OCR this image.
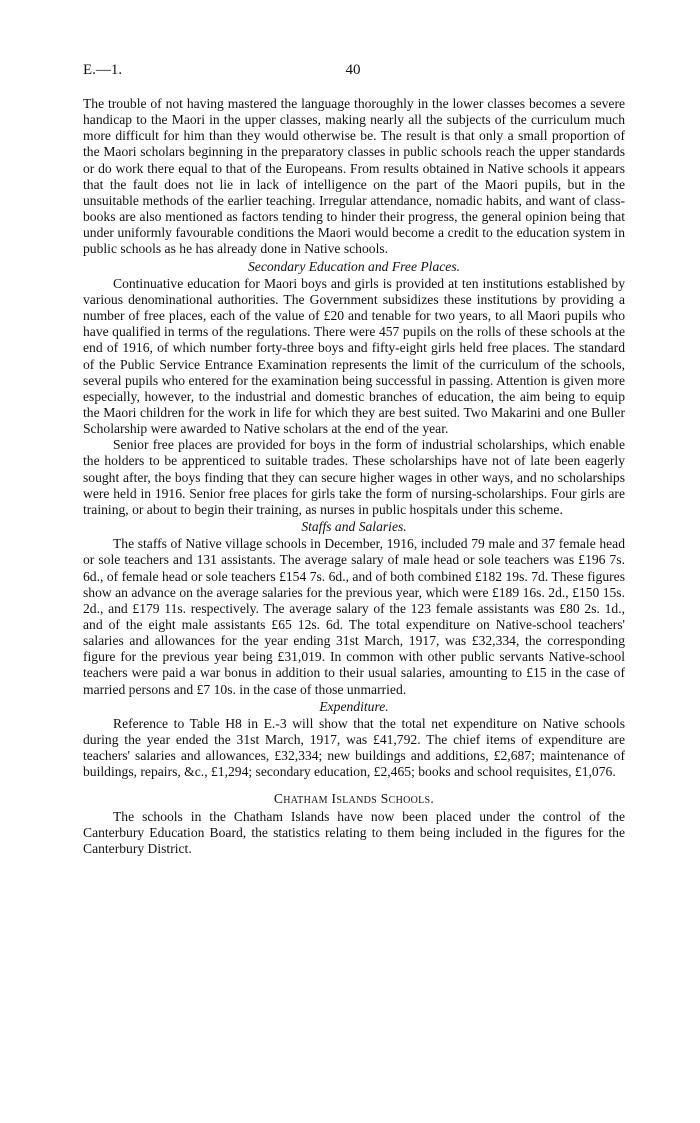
E.—1.	40

The trouble of not having mastered the language thoroughly in the lower classes becomes a severe handicap to the Maori in the upper classes, making nearly all the subjects of the curriculum much more difficult for him than they would otherwise be. The result is that only a small proportion of the Maori scholars beginning in the preparatory classes in public schools reach the upper standards or do work there equal to that of the Europeans. From results obtained in Native schools it appears that the fault does not lie in lack of intelligence on the part of the Maori pupils, but in the unsuitable methods of the earlier teaching. Irregular attendance, nomadic habits, and want of class-books are also mentioned as factors tending to hinder their progress, the general opinion being that under uniformly favourable conditions the Maori would become a credit to the education system in public schools as he has already done in Native schools.

Secondary Education and Free Places.

Continuative education for Maori boys and girls is provided at ten institutions established by various denominational authorities. The Government subsidizes these institutions by providing a number of free places, each of the value of £20 and tenable for two years, to all Maori pupils who have qualified in terms of the regulations. There were 457 pupils on the rolls of these schools at the end of 1916, of which number forty-three boys and fifty-eight girls held free places. The standard of the Public Service Entrance Examination represents the limit of the curriculum of the schools, several pupils who entered for the examination being successful in passing. Attention is given more especially, however, to the industrial and domestic branches of education, the aim being to equip the Maori children for the work in life for which they are best suited. Two Makarini and one Buller Scholarship were awarded to Native scholars at the end of the year.

Senior free places are provided for boys in the form of industrial scholarships, which enable the holders to be apprenticed to suitable trades. These scholarships have not of late been eagerly sought after, the boys finding that they can secure higher wages in other ways, and no scholarships were held in 1916. Senior free places for girls take the form of nursing-scholarships. Four girls are training, or about to begin their training, as nurses in public hospitals under this scheme.

Staffs and Salaries.

The staffs of Native village schools in December, 1916, included 79 male and 37 female head or sole teachers and 131 assistants. The average salary of male head or sole teachers was £196 7s. 6d., of female head or sole teachers £154 7s. 6d., and of both combined £182 19s. 7d. These figures show an advance on the average salaries for the previous year, which were £189 16s. 2d., £150 15s. 2d., and £179 11s. respectively. The average salary of the 123 female assistants was £80 2s. 1d., and of the eight male assistants £65 12s. 6d. The total expenditure on Native-school teachers' salaries and allowances for the year ending 31st March, 1917, was £32,334, the corresponding figure for the previous year being £31,019. In common with other public servants Native-school teachers were paid a war bonus in addition to their usual salaries, amounting to £15 in the case of married persons and £7 10s. in the case of those unmarried.

Expenditure.

Reference to Table H8 in E.-3 will show that the total net expenditure on Native schools during the year ended the 31st March, 1917, was £41,792. The chief items of expenditure are teachers' salaries and allowances, £32,334; new buildings and additions, £2,687; maintenance of buildings, repairs, &c., £1,294; secondary education, £2,465; books and school requisites, £1,076.

Chatham Islands Schools.

The schools in the Chatham Islands have now been placed under the control of the Canterbury Education Board, the statistics relating to them being included in the figures for the Canterbury District.
